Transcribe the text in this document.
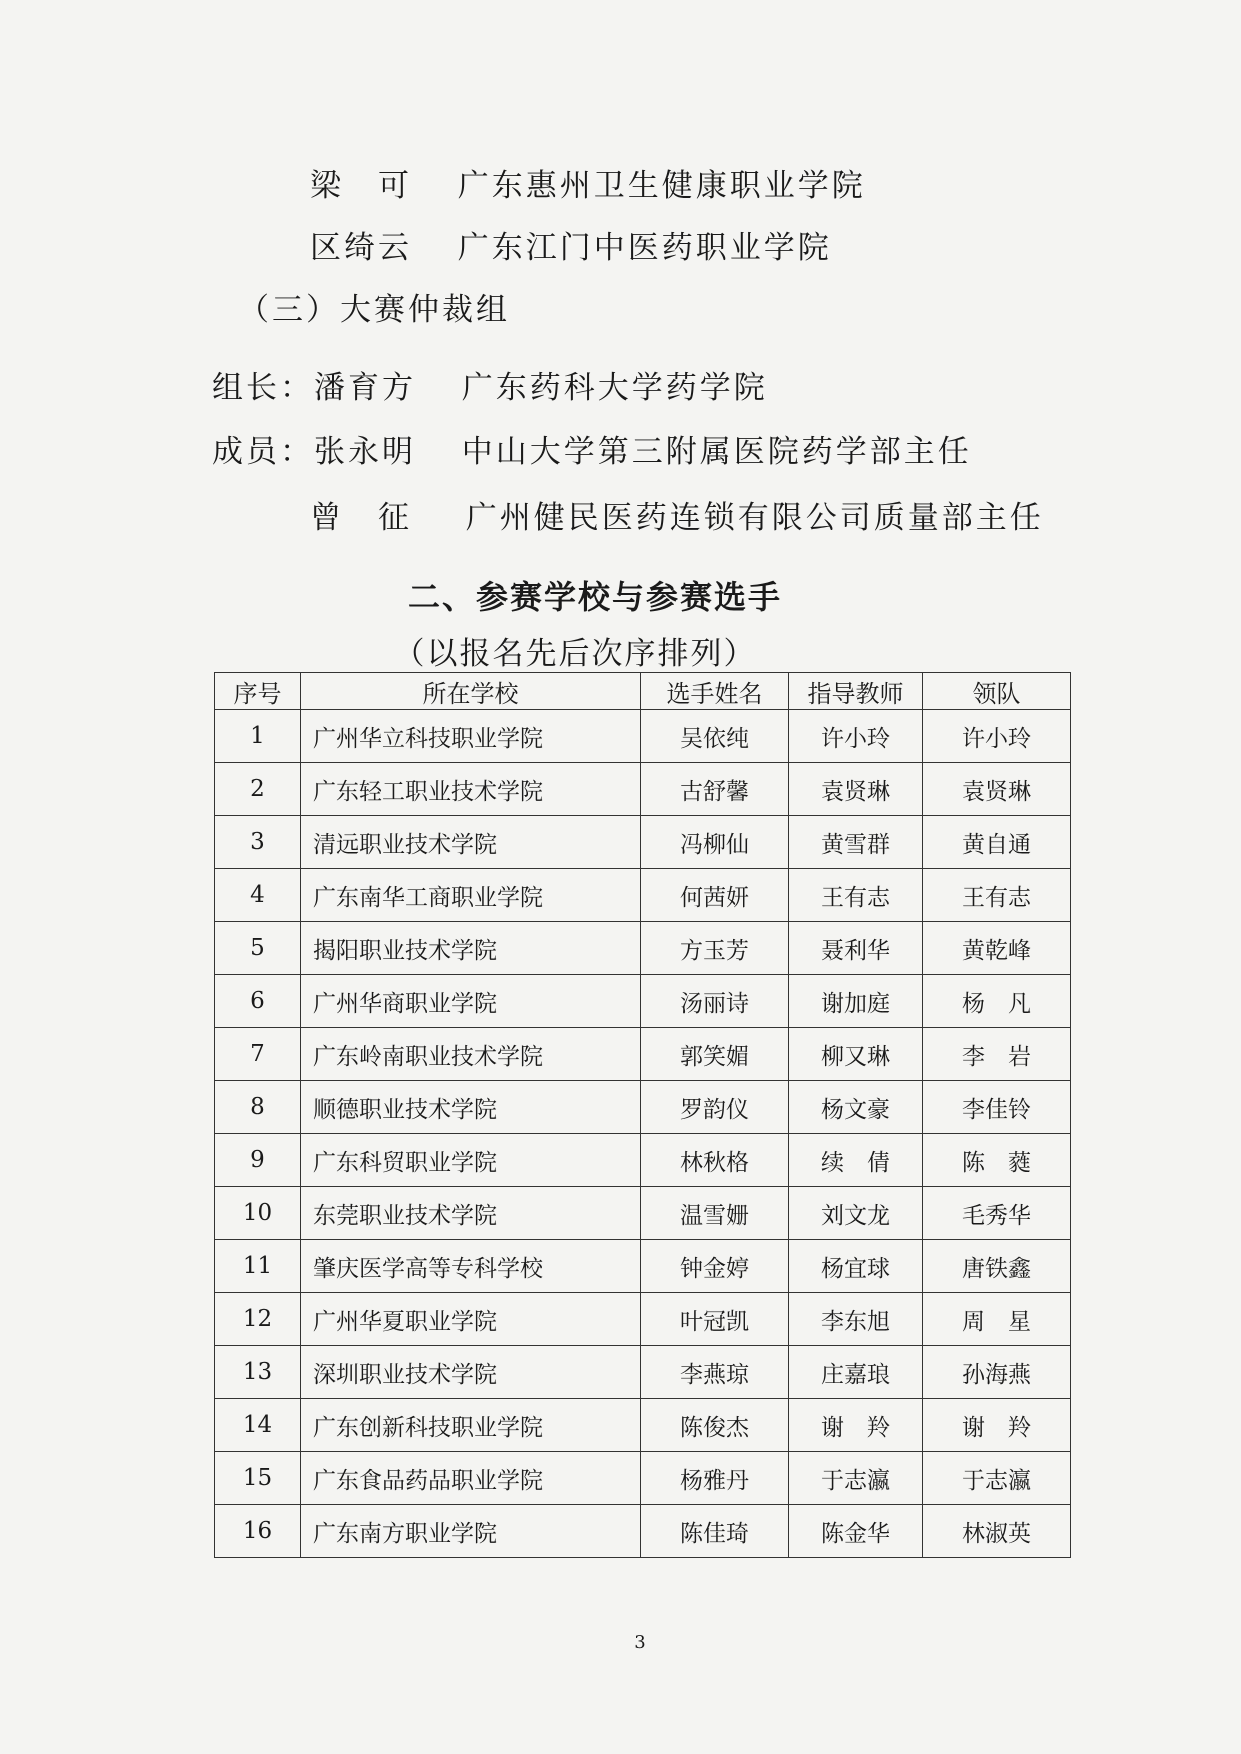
梁　可 广东惠州卫生健康职业学院
区绮云 广东江门中医药职业学院
（三）大赛仲裁组
组长：潘育方 广东药科大学药学院
成员：张永明 中山大学第三附属医院药学部主任
曾　征 广州健民医药连锁有限公司质量部主任
二、参赛学校与参赛选手
（以报名先后次序排列）
序号	所在学校	选手姓名	指导教师	领队
1	广州华立科技职业学院	吴依纯	许小玲	许小玲
2	广东轻工职业技术学院	古舒馨	袁贤琳	袁贤琳
3	清远职业技术学院	冯柳仙	黄雪群	黄自通
4	广东南华工商职业学院	何茜妍	王有志	王有志
5	揭阳职业技术学院	方玉芳	聂利华	黄乾峰
6	广州华商职业学院	汤丽诗	谢加庭	杨　凡
7	广东岭南职业技术学院	郭笑媚	柳又琳	李　岩
8	顺德职业技术学院	罗韵仪	杨文豪	李佳铃
9	广东科贸职业学院	林秋格	续　倩	陈　蕤
10	东莞职业技术学院	温雪姗	刘文龙	毛秀华
11	肇庆医学高等专科学校	钟金婷	杨宜球	唐铁鑫
12	广州华夏职业学院	叶冠凯	李东旭	周　星
13	深圳职业技术学院	李燕琼	庄嘉琅	孙海燕
14	广东创新科技职业学院	陈俊杰	谢　羚	谢　羚
15	广东食品药品职业学院	杨雅丹	于志瀛	于志瀛
16	广东南方职业学院	陈佳琦	陈金华	林淑英
3
